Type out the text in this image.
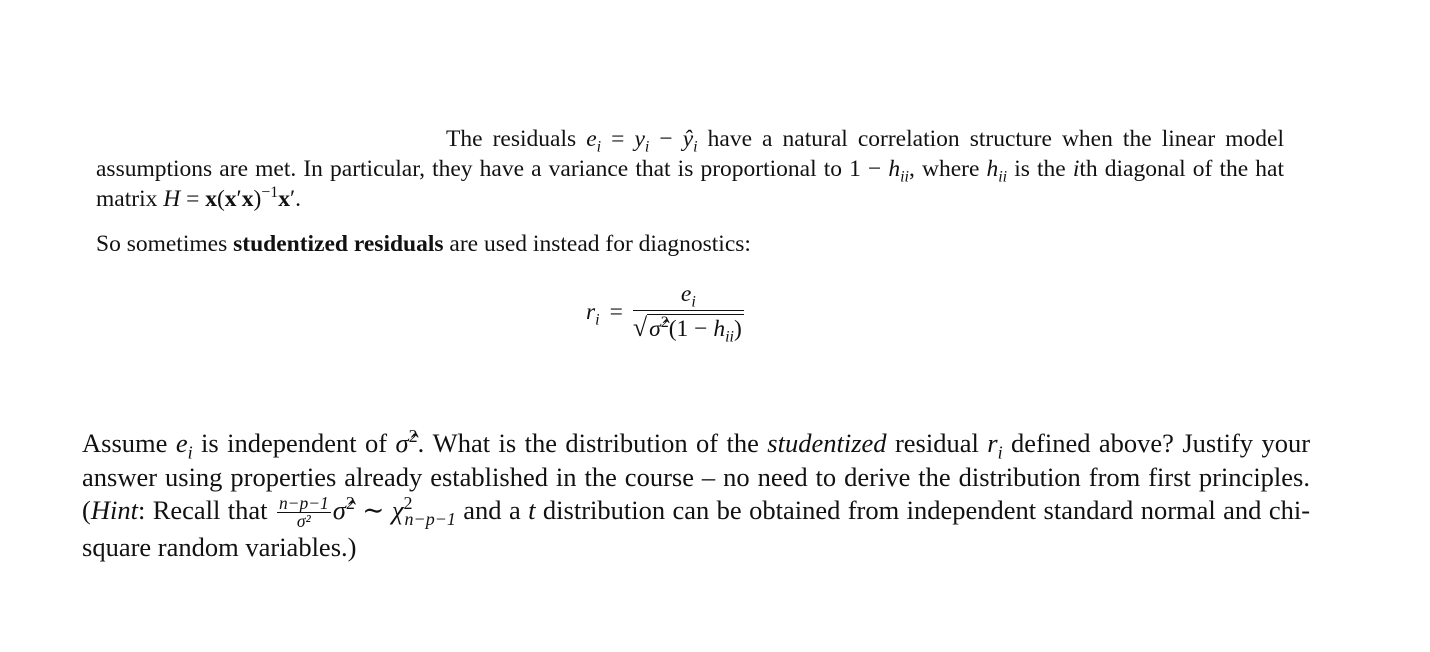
The residuals $e_i = y_i$ − $ŷ_i$ have a natural correlation structure when the linear model assumptions are met. In particular, they have a variance that is proportional to $1 - h_{ii}$, where $h_{ii}$ is the ith diagonal of the hat matrix $H = x(x'x)^{-1}x'$.
So sometimes studentized residuals are used instead for diagnostics:
$r_i = \frac{e_i}{√ \sigmâ^2(1 - h_{ii})}$
Assume $e_i$ is independent of σ̂$^2$. What is the distribution of the studentized residual $r_i$ defined above? Justify your answer using properties already established in the course – no need to derive the distribution from first principles. (Hint: Recall that $\frac{n-p-1}{\text{σ²}}$ σ̂$^2$ ∼ $\chi^2_{n-p-1}$ and a t distribution can be obtained from independent standard normal and chi-square random variables.)
